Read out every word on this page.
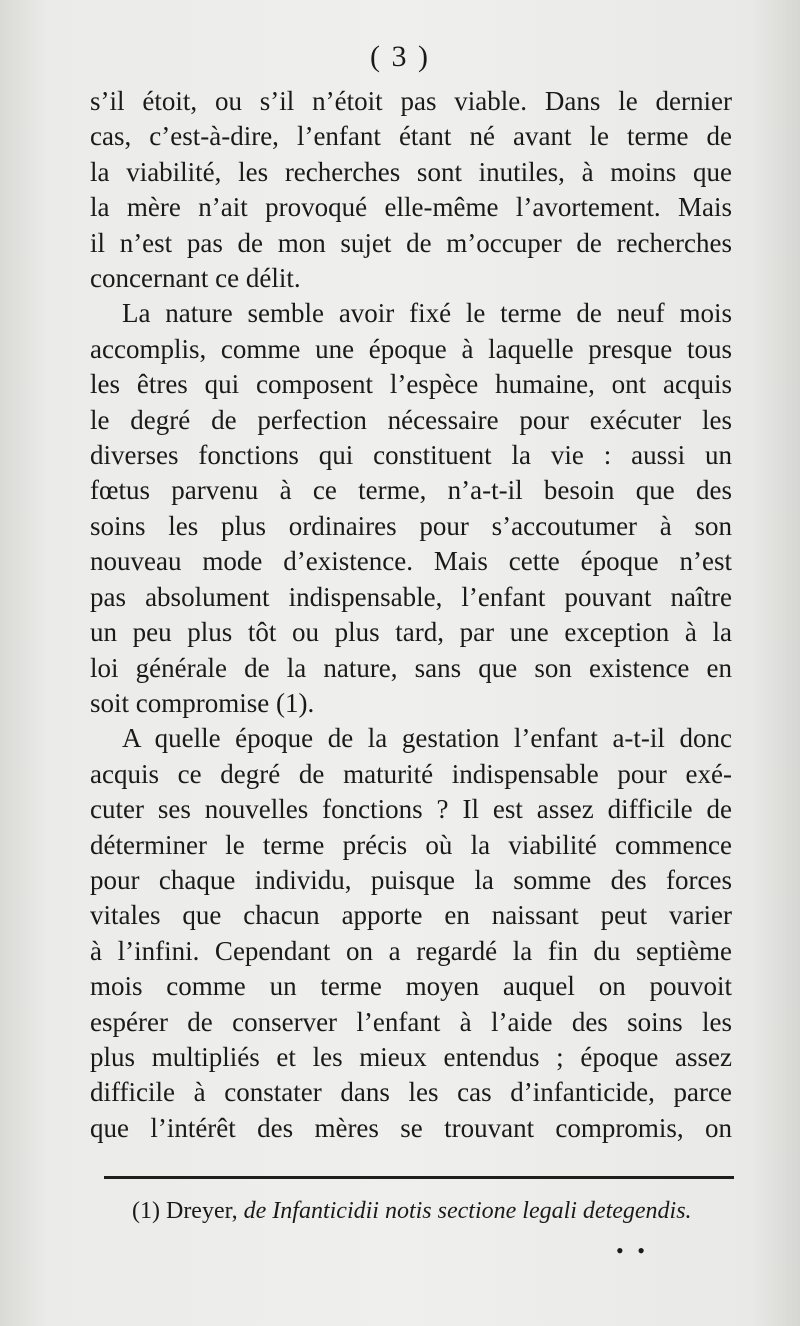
( 3 )

s’il étoit, ou s’il n’étoit pas viable. Dans le dernier

cas, c’est-à-dire, l’enfant étant né avant le terme de

la viabilité, les recherches sont inutiles, à moins que

la mère n’ait provoqué elle-même l’avortement. Mais

il n’est pas de mon sujet de m’occuper de recherches

concernant ce délit.

La nature semble avoir fixé le terme de neuf mois

accomplis, comme une époque à laquelle presque tous

les êtres qui composent l’espèce humaine, ont acquis

le degré de perfection nécessaire pour exécuter les

diverses fonctions qui constituent la vie : aussi un

fœtus parvenu à ce terme, n’a-t-il besoin que des

soins les plus ordinaires pour s’accoutumer à son

nouveau mode d’existence. Mais cette époque n’est

pas absolument indispensable, l’enfant pouvant naître

un peu plus tôt ou plus tard, par une exception à la

loi générale de la nature, sans que son existence en

soit compromise (1).

A quelle époque de la gestation l’enfant a-t-il donc

acquis ce degré de maturité indispensable pour exé-

cuter ses nouvelles fonctions ? Il est assez difficile de

déterminer le terme précis où la viabilité commence

pour chaque individu, puisque la somme des forces

vitales que chacun apporte en naissant peut varier

à l’infini. Cependant on a regardé la fin du septième

mois comme un terme moyen auquel on pouvoit

espérer de conserver l’enfant à l’aide des soins les

plus multipliés et les mieux entendus ; époque assez

difficile à constater dans les cas d’infanticide, parce

que l’intérêt des mères se trouvant compromis, on

(1) Dreyer, de Infanticidii notis sectione legali detegendis.
• •
